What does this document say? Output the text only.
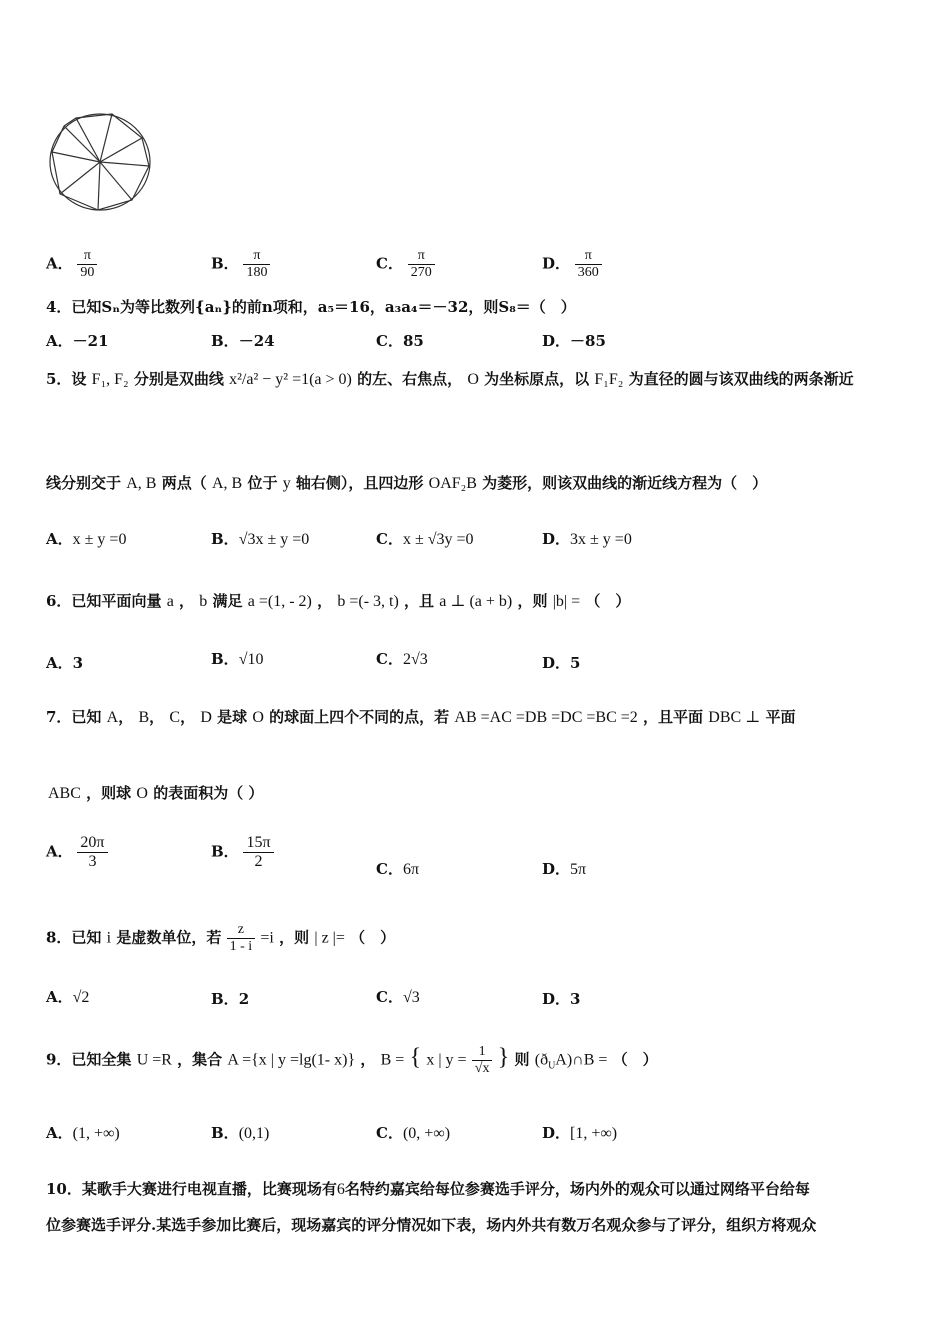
A． $\frac{\pi}{90}$	B． $\frac{\pi}{180}$	C． $\frac{\pi}{270}$	D． $\frac{\pi}{360}$
4．已知Sₙ为等比数列{aₙ}的前n项和，a₅＝16，a₃a₄＝－32，则S₈＝（　）
A．－21	B．－24	C．85	D．－85
5．设 F₁, F₂ 分别是双曲线 x²/a² − y² =1(a > 0) 的左、右焦点， O 为坐标原点，以 F₁F₂ 为直径的圆与该双曲线的两条渐近
线分别交于 A, B 两点（ A, B 位于 y 轴右侧），且四边形 OAF₂B 为菱形，则该双曲线的渐近线方程为（　）
A．x ± y =0	B．√3x ± y =0	C．x ± √3y =0	D．3x ± y =0
6．已知平面向量 a ， b 满足 a =(1, - 2) ， b =(- 3, t) ，且 a ⊥ (a + b) ，则 |b| = （　）
A．3	B．√10	C．2√3	D．5
7．已知 A， B， C， D 是球 O 的球面上四个不同的点，若 AB =AC =DB =DC =BC =2 ，且平面 DBC ⊥ 平面
ABC ，则球 O 的表面积为（ ）
A． $\frac{20\pi}{3}$	B． $\frac{15\pi}{2}$	C．6π	D．5π
8．已知 i 是虚数单位，若 $\frac{z}{1 - i} =i$ ，则 | z |= （　）
A．√2	B．2	C．√3	D．3
9．已知全集 U =R ，集合 A ={x | y =lg(1- x)} ， B = { x | $y = \frac{1}{√x}$ } 则 $(ð_UA)\cap B$ = （　）
A．(1, +∞)	B．(0,1)	C．(0, +∞)	D．[1, +∞)
10．某歌手大赛进行电视直播，比赛现场有6名特约嘉宾给每位参赛选手评分，场内外的观众可以通过网络平台给每
位参赛选手评分.某选手参加比赛后，现场嘉宾的评分情况如下表，场内外共有数万名观众参与了评分，组织方将观众
